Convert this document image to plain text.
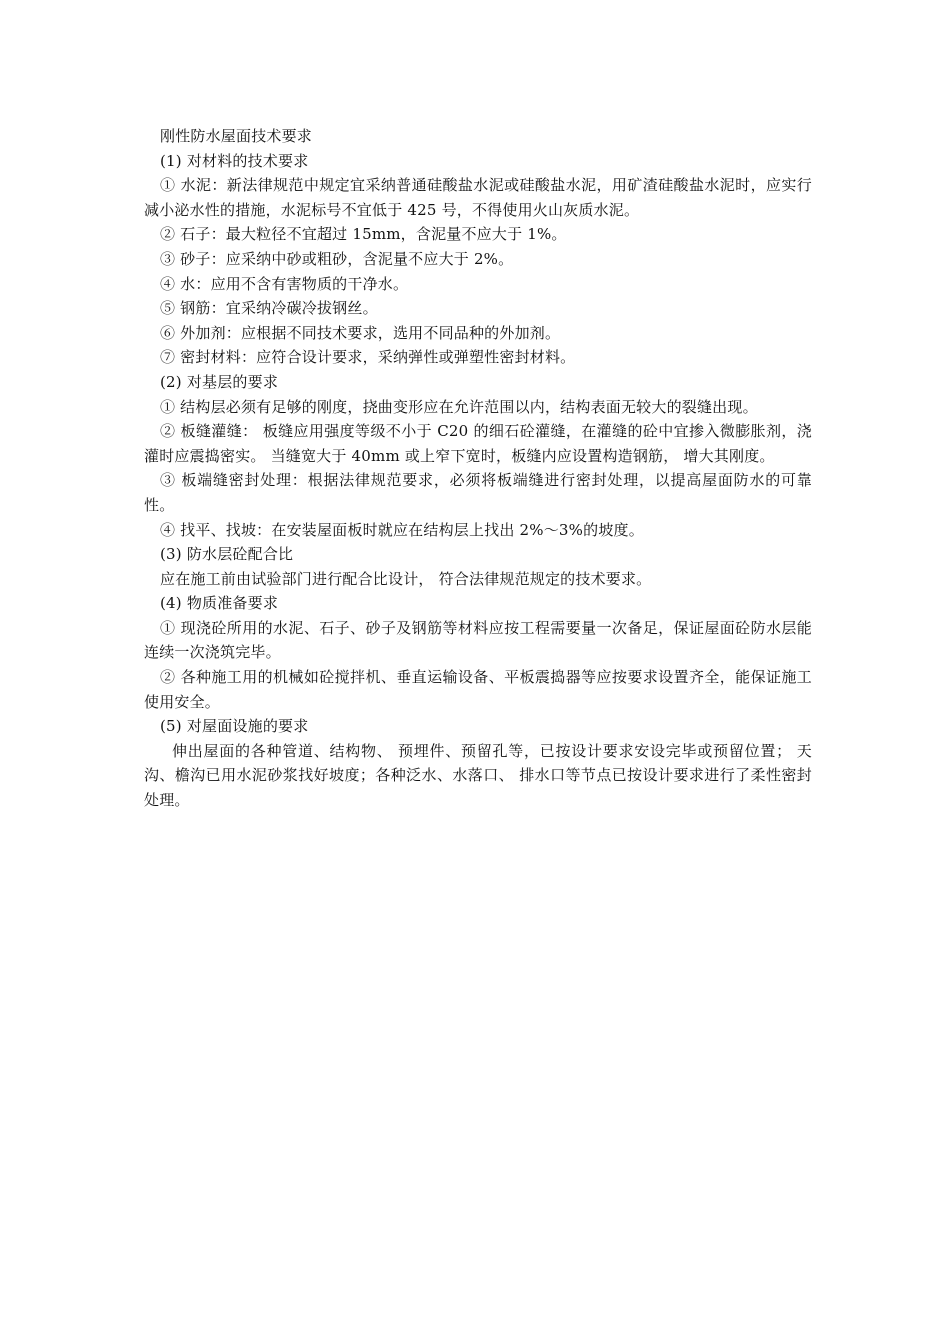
刚性防水屋面技术要求

(1) 对材料的技术要求

① 水泥：新法律规范中规定宜采纳普通硅酸盐水泥或硅酸盐水泥，用矿渣硅酸盐水泥时，应实行减小泌水性的措施，水泥标号不宜低于 425 号，不得使用火山灰质水泥。

② 石子：最大粒径不宜超过 15mm，含泥量不应大于 1%。

③ 砂子：应采纳中砂或粗砂，含泥量不应大于 2%。

④ 水：应用不含有害物质的干净水。

⑤ 钢筋：宜采纳冷碳冷拔钢丝。

⑥ 外加剂：应根据不同技术要求，选用不同品种的外加剂。

⑦ 密封材料：应符合设计要求，采纳弹性或弹塑性密封材料。

(2) 对基层的要求

① 结构层必须有足够的刚度，挠曲变形应在允许范围以内，结构表面无较大的裂缝出现。

② 板缝灌缝： 板缝应用强度等级不小于 C20 的细石砼灌缝，在灌缝的砼中宜掺入微膨胀剂，浇灌时应震捣密实。 当缝宽大于 40mm 或上窄下宽时，板缝内应设置构造钢筋， 增大其刚度。

③ 板端缝密封处理：根据法律规范要求，必须将板端缝进行密封处理，以提高屋面防水的可靠性。

④ 找平、找坡：在安装屋面板时就应在结构层上找出 2%～3%的坡度。

(3) 防水层砼配合比

应在施工前由试验部门进行配合比设计， 符合法律规范规定的技术要求。

(4) 物质准备要求

① 现浇砼所用的水泥、石子、砂子及钢筋等材料应按工程需要量一次备足，保证屋面砼防水层能连续一次浇筑完毕。

② 各种施工用的机械如砼搅拌机、垂直运输设备、平板震捣器等应按要求设置齐全，能保证施工使用安全。

(5) 对屋面设施的要求

伸出屋面的各种管道、结构物、 预埋件、预留孔等，已按设计要求安设完毕或预留位置； 天沟、檐沟已用水泥砂浆找好坡度；各种泛水、水落口、 排水口等节点已按设计要求进行了柔性密封处理。
